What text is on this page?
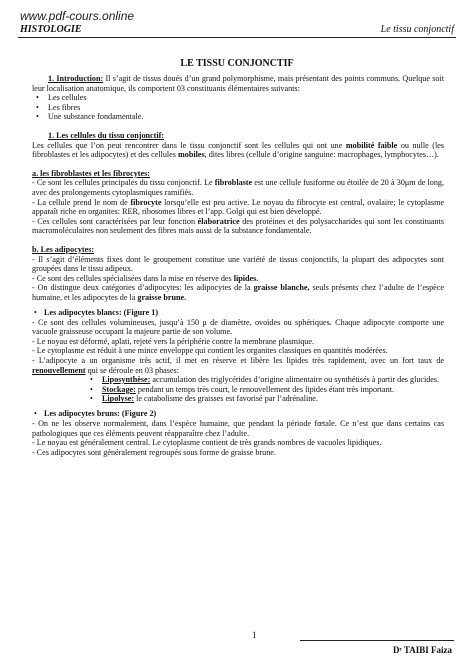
www.pdf-cours.online
HISTOLOGIE	Le tissu conjonctif
LE TISSU CONJONCTIF

1. Introduction: Il s’agit de tissus doués d’un grand polymorphisme, mais présentant des points communs. Quelque soit leur localisation anatomique, ils comportent 03 constituants élémentaires suivants:

• Les cellules
• Les fibres
• Une substance fondamentale.

1. Les cellules du tissu conjonctif:

Les cellules que l’on peut rencontrer dans le tissu conjonctif sont les cellules qui ont une mobilité faible ou nulle (les fibroblastes et les adipocytes) et des cellules mobiles, dites libres (cellule d’origine sanguine: macrophages, lymphocytes…).

a. les fibroblastes et les fibrocytes:

- Ce sont les cellules principales du tissu conjonctif. Le fibroblaste est une cellule fusiforme ou étoilée de 20 à 30μm de long, avec des prolongements cytoplasmiques ramifiés.

- La cellule prend le nom de fibrocyte lorsqu’elle est peu active. Le noyau du fibrocyte est central, ovalaire; le cytoplasme apparaît riche en organites: RER, ribosomes libres et l’app. Golgi qui est bien développé.

- Ces cellules sont caractérisées par leur fonction élaboratrice des protéines et des polysaccharides qui sont les constituants macromoléculaires non seulement des fibres mais aussi de la substance fondamentale.

b. Les adipocytes:

- Il s’agit d’éléments fixes dont le groupement constitue une variété de tissus conjonctifs, la plupart des adipocytes sont groupées dans le tissu adipeux.

- Ce sont des cellules spécialisées dans la mise en réserve des lipides.

- On distingue deux catégories d’adipocytes: les adipocytes de la graisse blanche, seuls présents chez l’adulte de l’espèce humaine, et les adipocytes de la graisse brune.

• Les adipocytes blancs: (Figure 1)

- Ce sont des cellules volumineuses, jusqu’à 150 μ de diamètre, ovoïdes ou sphériques. Chaque adipocyte comporte une vacuole graisseuse occupant la majeure partie de son volume.

- Le noyau est déformé, aplati, rejeté vers la périphérie contre la membrane plasmique.

- Le cytoplasme est réduit à une mince enveloppe qui contient les organites classiques en quantités modérées.

- L’adipocyte a un organisme très actif, il met en réserve et libère les lipides très rapidement, avec un fort taux de renouvellement qui se déroule en 03 phases:

• Liposynthèse: accumulation des triglycérides d’origine alimentaire ou synthétisés à partir des glucides.
• Stockage: pendant un temps très court, le renouvellement des lipides étant très important.
• Lipolyse: le catabolisme des graisses est favorisé par l’adrénaline.

• Les adipocytes bruns: (Figure 2)

- On ne les observe normalement, dans l’espèce humaine, que pendant la période fœtale. Ce n’est que dans certains cas pathologiques que ces éléments peuvent réapparaître chez l’adulte.

- Le noyau est généralement central. Le cytoplasme contient de très grands nombres de vacuoles lipidiques.

- Ces adipocytes sont généralement regroupés sous forme de graisse brune.

1
Dʳ TAIBI Faiza
